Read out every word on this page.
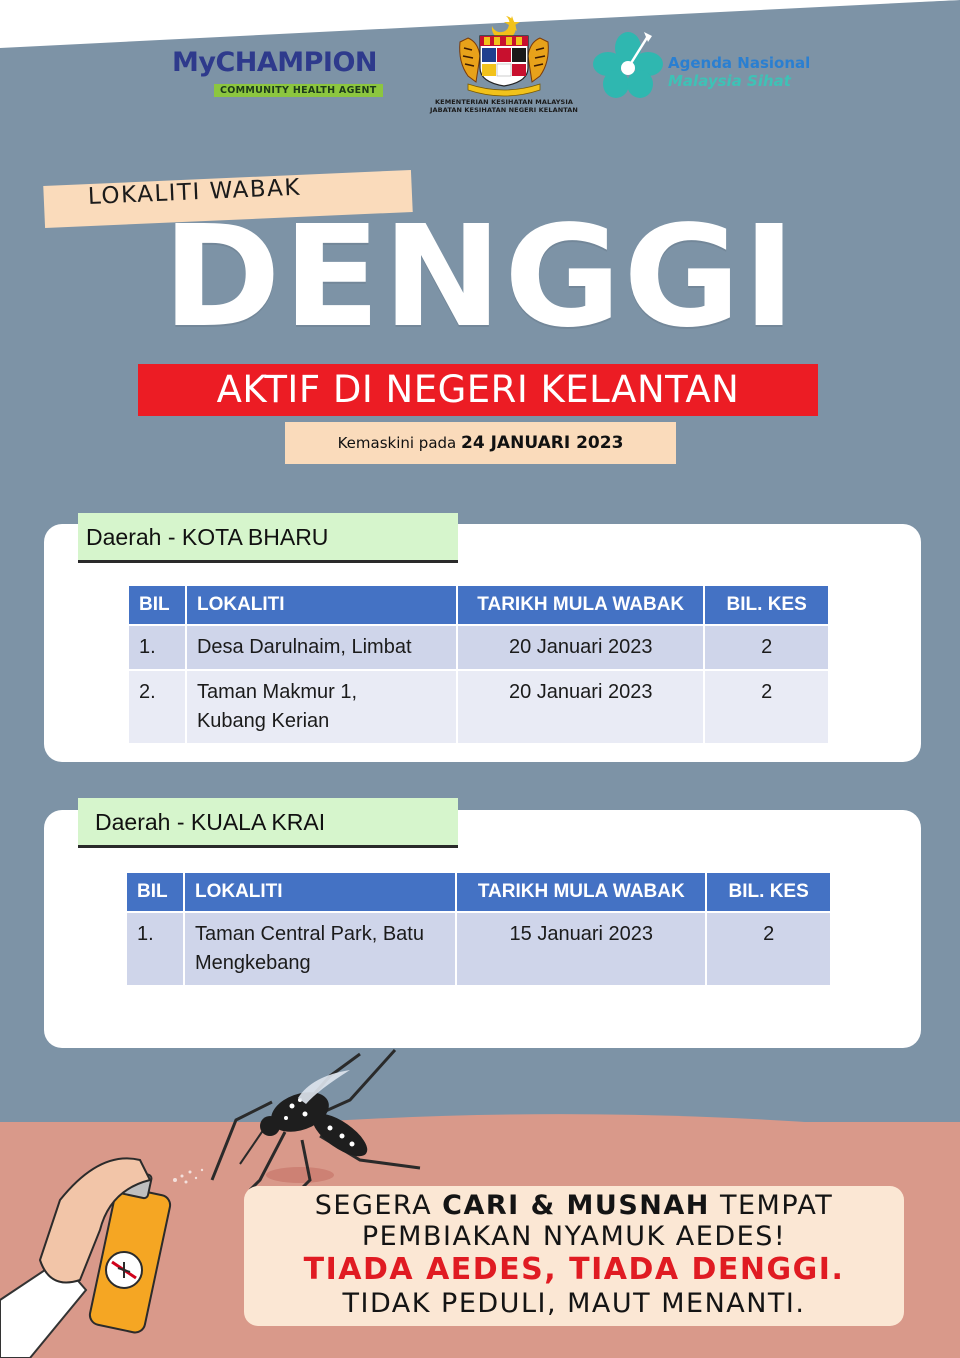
MyCHAMPION
COMMUNITY HEALTH AGENT
KEMENTERIAN KESIHATAN MALAYSIA
JABATAN KESIHATAN NEGERI KELANTAN
Agenda Nasional
Malaysia Sihat
LOKALITI WABAK
DENGGI
AKTIF DI NEGERI KELANTAN
Kemaskini pada 24 JANUARI 2023
Daerah - KOTA BHARU
BIL	LOKALITI	TARIKH MULA WABAK	BIL. KES
1.	Desa Darulnaim, Limbat	20 Januari 2023	2
2.	Taman Makmur 1,
Kubang Kerian	20 Januari 2023	2
Daerah - KUALA KRAI
BIL	LOKALITI	TARIKH MULA WABAK	BIL. KES
1.	Taman Central Park, Batu
Mengkebang	15 Januari 2023	2
SEGERA CARI & MUSNAH TEMPAT
PEMBIAKAN NYAMUK AEDES!
TIADA AEDES, TIADA DENGGI.
TIDAK PEDULI, MAUT MENANTI.
